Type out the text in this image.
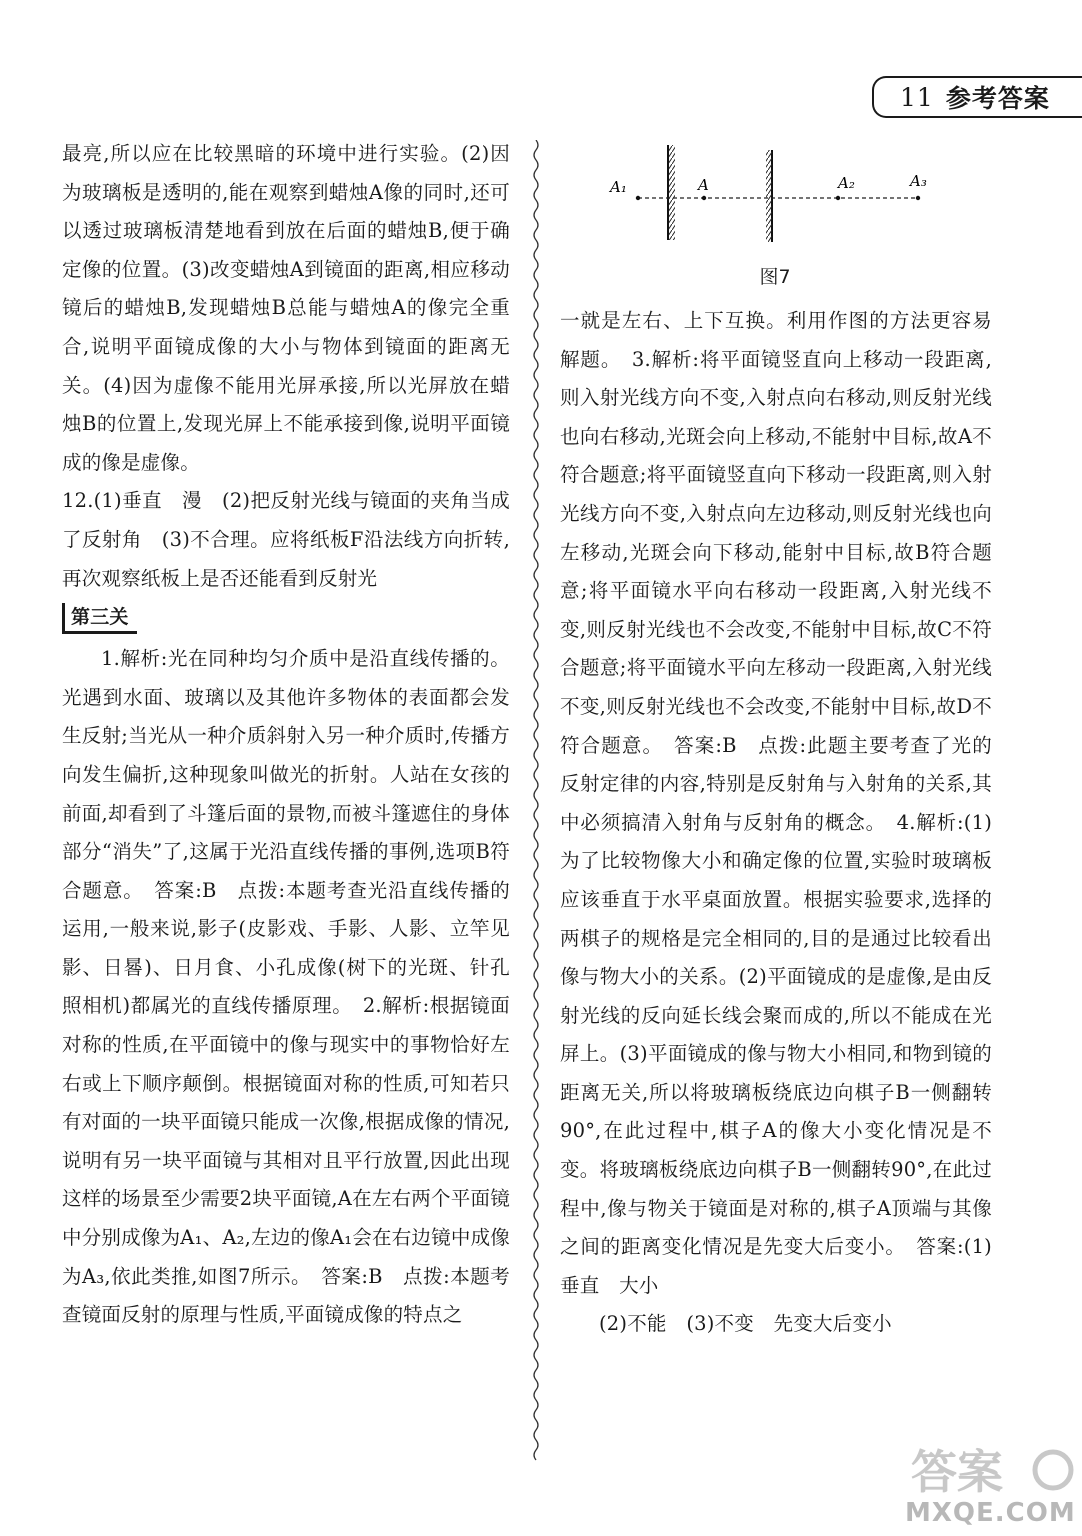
11 参考答案

最亮,所以应在比较黑暗的环境中进行实验。(2)因为玻璃板是透明的,能在观察到蜡烛A像的同时,还可以透过玻璃板清楚地看到放在后面的蜡烛B,便于确定像的位置。(3)改变蜡烛A到镜面的距离,相应移动镜后的蜡烛B,发现蜡烛B总能与蜡烛A的像完全重合,说明平面镜成像的大小与物体到镜面的距离无关。(4)因为虚像不能用光屏承接,所以光屏放在蜡烛B的位置上,发现光屏上不能承接到像,说明平面镜成的像是虚像。

12.(1)垂直　漫　(2)把反射光线与镜面的夹角当成了反射角　(3)不合理。应将纸板F沿法线方向折转,再次观察纸板上是否还能看到反射光

第三关

1.解析:光在同种均匀介质中是沿直线传播的。光遇到水面、玻璃以及其他许多物体的表面都会发生反射;当光从一种介质斜射入另一种介质时,传播方向发生偏折,这种现象叫做光的折射。人站在女孩的前面,却看到了斗篷后面的景物,而被斗篷遮住的身体部分“消失”了,这属于光沿直线传播的事例,选项B符合题意。　答案:B　点拨:本题考查光沿直线传播的运用,一般来说,影子(皮影戏、手影、人影、立竿见影、日晷)、日月食、小孔成像(树下的光斑、针孔照相机)都属光的直线传播原理。　2.解析:根据镜面对称的性质,在平面镜中的像与现实中的事物恰好左右或上下顺序颠倒。根据镜面对称的性质,可知若只有对面的一块平面镜只能成一次像,根据成像的情况,说明有另一块平面镜与其相对且平行放置,因此出现这样的场景至少需要2块平面镜,A在左右两个平面镜中分别成像为A₁、A₂,左边的像A₁会在右边镜中成像为A₃,依此类推,如图7所示。　答案:B　点拨:本题考查镜面反射的原理与性质,平面镜成像的特点之

A₁	A	A₂	A₃
图7

一就是左右、上下互换。利用作图的方法更容易解题。　3.解析:将平面镜竖直向上移动一段距离,则入射光线方向不变,入射点向右移动,则反射光线也向右移动,光斑会向上移动,不能射中目标,故A不符合题意;将平面镜竖直向下移动一段距离,则入射光线方向不变,入射点向左边移动,则反射光线也向左移动,光斑会向下移动,能射中目标,故B符合题意;将平面镜水平向右移动一段距离,入射光线不变,则反射光线也不会改变,不能射中目标,故C不符合题意;将平面镜水平向左移动一段距离,入射光线不变,则反射光线也不会改变,不能射中目标,故D不符合题意。　答案:B　点拨:此题主要考查了光的反射定律的内容,特别是反射角与入射角的关系,其中必须搞清入射角与反射角的概念。　4.解析:(1)为了比较物像大小和确定像的位置,实验时玻璃板应该垂直于水平桌面放置。根据实验要求,选择的两棋子的规格是完全相同的,目的是通过比较看出像与物大小的关系。(2)平面镜成的是虚像,是由反射光线的反向延长线会聚而成的,所以不能成在光屏上。(3)平面镜成的像与物大小相同,和物到镜的距离无关,所以将玻璃板绕底边向棋子B一侧翻转90°,在此过程中,棋子A的像大小变化情况是不变。将玻璃板绕底边向棋子B一侧翻转90°,在此过程中,像与物关于镜面是对称的,棋子A顶端与其像之间的距离变化情况是先变大后变小。　答案:(1)垂直　大小

(2)不能　(3)不变　先变大后变小

答案
MXQE.COM
